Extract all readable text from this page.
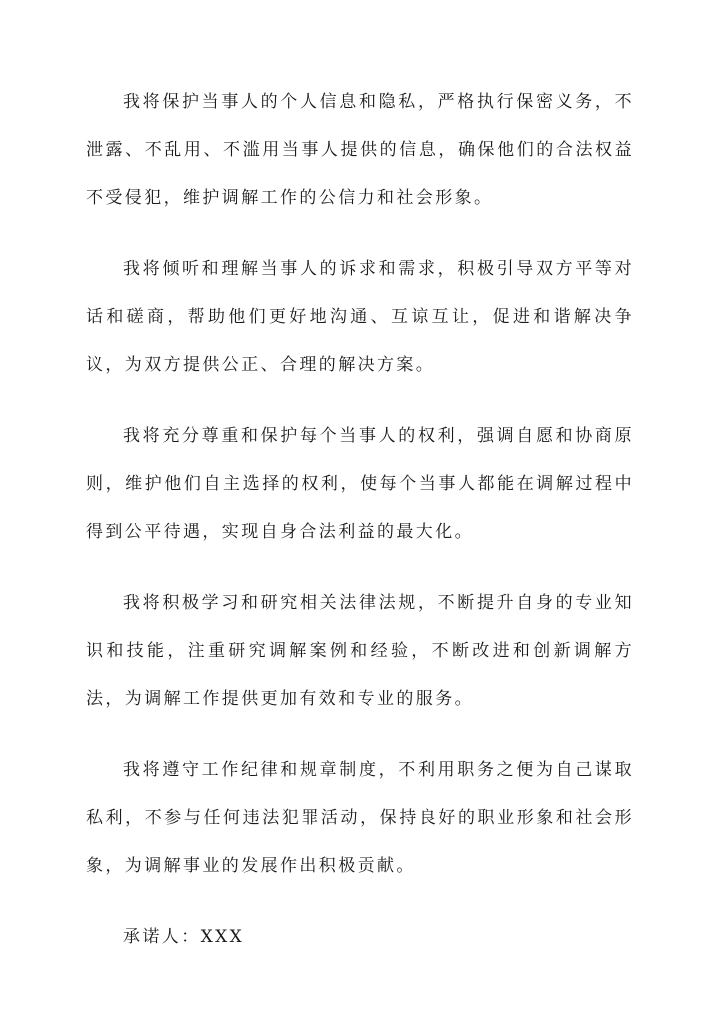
我将保护当事人的个人信息和隐私，严格执行保密义务，不泄露、不乱用、不滥用当事人提供的信息，确保他们的合法权益不受侵犯，维护调解工作的公信力和社会形象。

我将倾听和理解当事人的诉求和需求，积极引导双方平等对话和磋商，帮助他们更好地沟通、互谅互让，促进和谐解决争议，为双方提供公正、合理的解决方案。

我将充分尊重和保护每个当事人的权利，强调自愿和协商原则，维护他们自主选择的权利，使每个当事人都能在调解过程中得到公平待遇，实现自身合法利益的最大化。

我将积极学习和研究相关法律法规，不断提升自身的专业知识和技能，注重研究调解案例和经验，不断改进和创新调解方法，为调解工作提供更加有效和专业的服务。

我将遵守工作纪律和规章制度，不利用职务之便为自己谋取私利，不参与任何违法犯罪活动，保持良好的职业形象和社会形象，为调解事业的发展作出积极贡献。

承诺人：XXX
